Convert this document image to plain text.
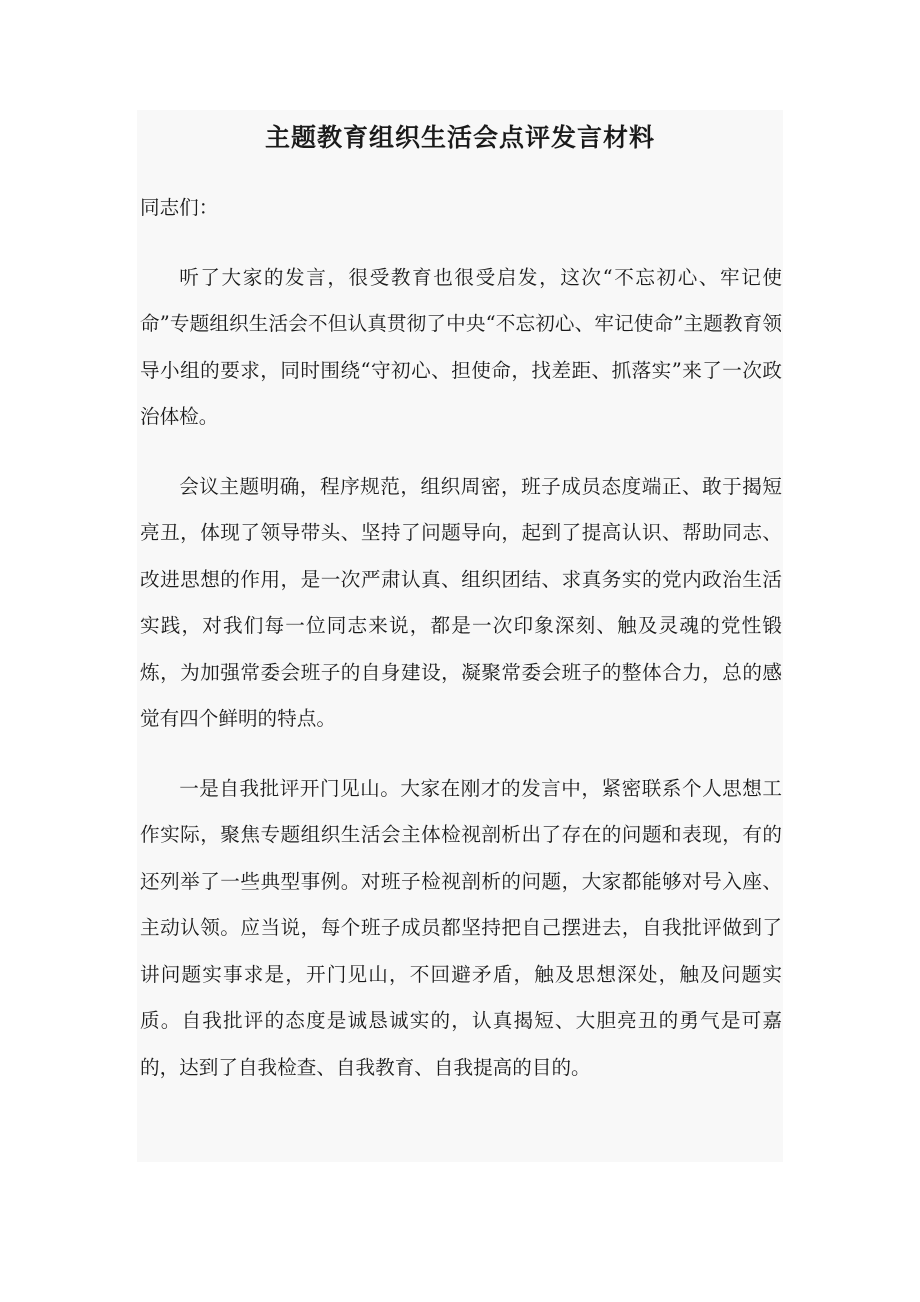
主题教育组织生活会点评发言材料

同志们：

听了大家的发言，很受教育也很受启发，这次“不忘初心、牢记使命”专题组织生活会不但认真贯彻了中央“不忘初心、牢记使命”主题教育领导小组的要求，同时围绕“守初心、担使命，找差距、抓落实”来了一次政治体检。

会议主题明确，程序规范，组织周密，班子成员态度端正、敢于揭短亮丑，体现了领导带头、坚持了问题导向，起到了提高认识、帮助同志、改进思想的作用，是一次严肃认真、组织团结、求真务实的党内政治生活实践，对我们每一位同志来说，都是一次印象深刻、触及灵魂的党性锻炼，为加强常委会班子的自身建设，凝聚常委会班子的整体合力，总的感觉有四个鲜明的特点。

一是自我批评开门见山。大家在刚才的发言中，紧密联系个人思想工作实际，聚焦专题组织生活会主体检视剖析出了存在的问题和表现，有的还列举了一些典型事例。对班子检视剖析的问题，大家都能够对号入座、主动认领。应当说，每个班子成员都坚持把自己摆进去，自我批评做到了讲问题实事求是，开门见山，不回避矛盾，触及思想深处，触及问题实质。自我批评的态度是诚恳诚实的，认真揭短、大胆亮丑的勇气是可嘉的，达到了自我检查、自我教育、自我提高的目的。
